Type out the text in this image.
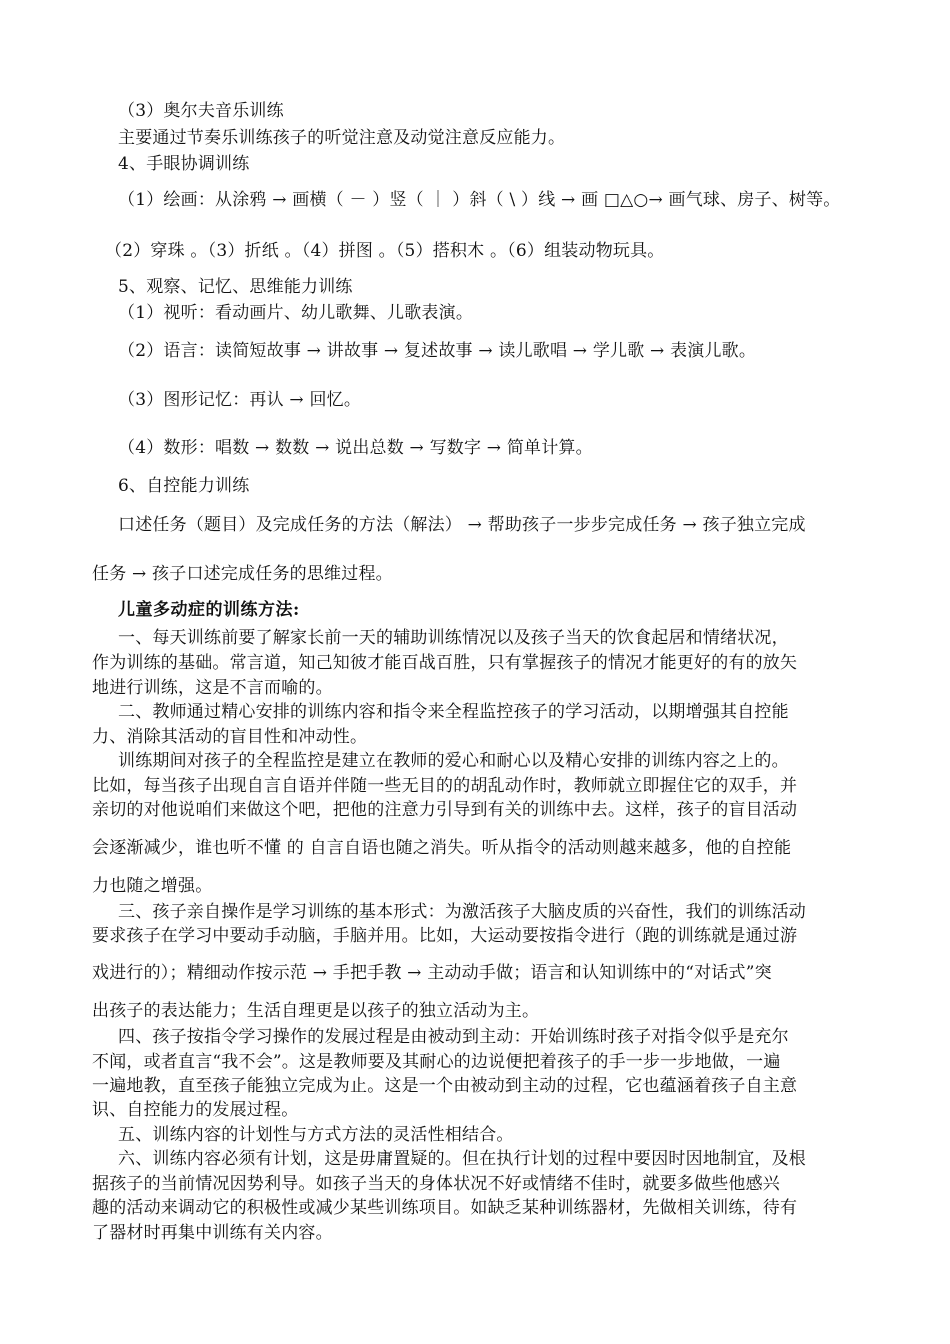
（3）奥尔夫音乐训练
主要通过节奏乐训练孩子的听觉注意及动觉注意反应能力。
4、手眼协调训练
（1）绘画：从涂鸦 → 画横（ － ）竖（ ｜ ）斜（ \ ）线 → 画 □△○→ 画气球、房子、树等。
（2）穿珠 。（3）折纸 。（4）拼图 。（5）搭积木 。（6）组装动物玩具。
5、观察、记忆、思维能力训练
（1）视听：看动画片、幼儿歌舞、儿歌表演。
（2）语言：读简短故事 → 讲故事 → 复述故事 → 读儿歌唱 → 学儿歌 → 表演儿歌。
（3）图形记忆：再认 → 回忆。
（4）数形：唱数 → 数数 → 说出总数 → 写数字 → 简单计算。
6、自控能力训练
口述任务（题目）及完成任务的方法（解法） → 帮助孩子一步步完成任务 → 孩子独立完成
任务 → 孩子口述完成任务的思维过程。
儿童多动症的训练方法:
一、每天训练前要了解家长前一天的辅助训练情况以及孩子当天的饮食起居和情绪状况，
作为训练的基础。常言道，知己知彼才能百战百胜，只有掌握孩子的情况才能更好的有的放矢
地进行训练，这是不言而喻的。
二、教师通过精心安排的训练内容和指令来全程监控孩子的学习活动，以期增强其自控能
力、消除其活动的盲目性和冲动性。
训练期间对孩子的全程监控是建立在教师的爱心和耐心以及精心安排的训练内容之上的。
比如，每当孩子出现自言自语并伴随一些无目的的胡乱动作时，教师就立即握住它的双手，并
亲切的对他说咱们来做这个吧，把他的注意力引导到有关的训练中去。这样，孩子的盲目活动
会逐渐减少，谁也听不懂 的 自言自语也随之消失。听从指令的活动则越来越多，他的自控能
力也随之增强。
三、孩子亲自操作是学习训练的基本形式：为激活孩子大脑皮质的兴奋性，我们的训练活动
要求孩子在学习中要动手动脑，手脑并用。比如，大运动要按指令进行（跑的训练就是通过游
戏进行的）；精细动作按示范 → 手把手教 → 主动动手做；语言和认知训练中的“对话式”突
出孩子的表达能力；生活自理更是以孩子的独立活动为主。
四、孩子按指令学习操作的发展过程是由被动到主动：开始训练时孩子对指令似乎是充尔
不闻，或者直言“我不会”。这是教师要及其耐心的边说便把着孩子的手一步一步地做，一遍
一遍地教，直至孩子能独立完成为止。这是一个由被动到主动的过程，它也蕴涵着孩子自主意
识、自控能力的发展过程。
五、训练内容的计划性与方式方法的灵活性相结合。
六、训练内容必须有计划，这是毋庸置疑的。但在执行计划的过程中要因时因地制宜，及根
据孩子的当前情况因势利导。如孩子当天的身体状况不好或情绪不佳时，就要多做些他感兴
趣的活动来调动它的积极性或减少某些训练项目。如缺乏某种训练器材，先做相关训练，待有
了器材时再集中训练有关内容。
